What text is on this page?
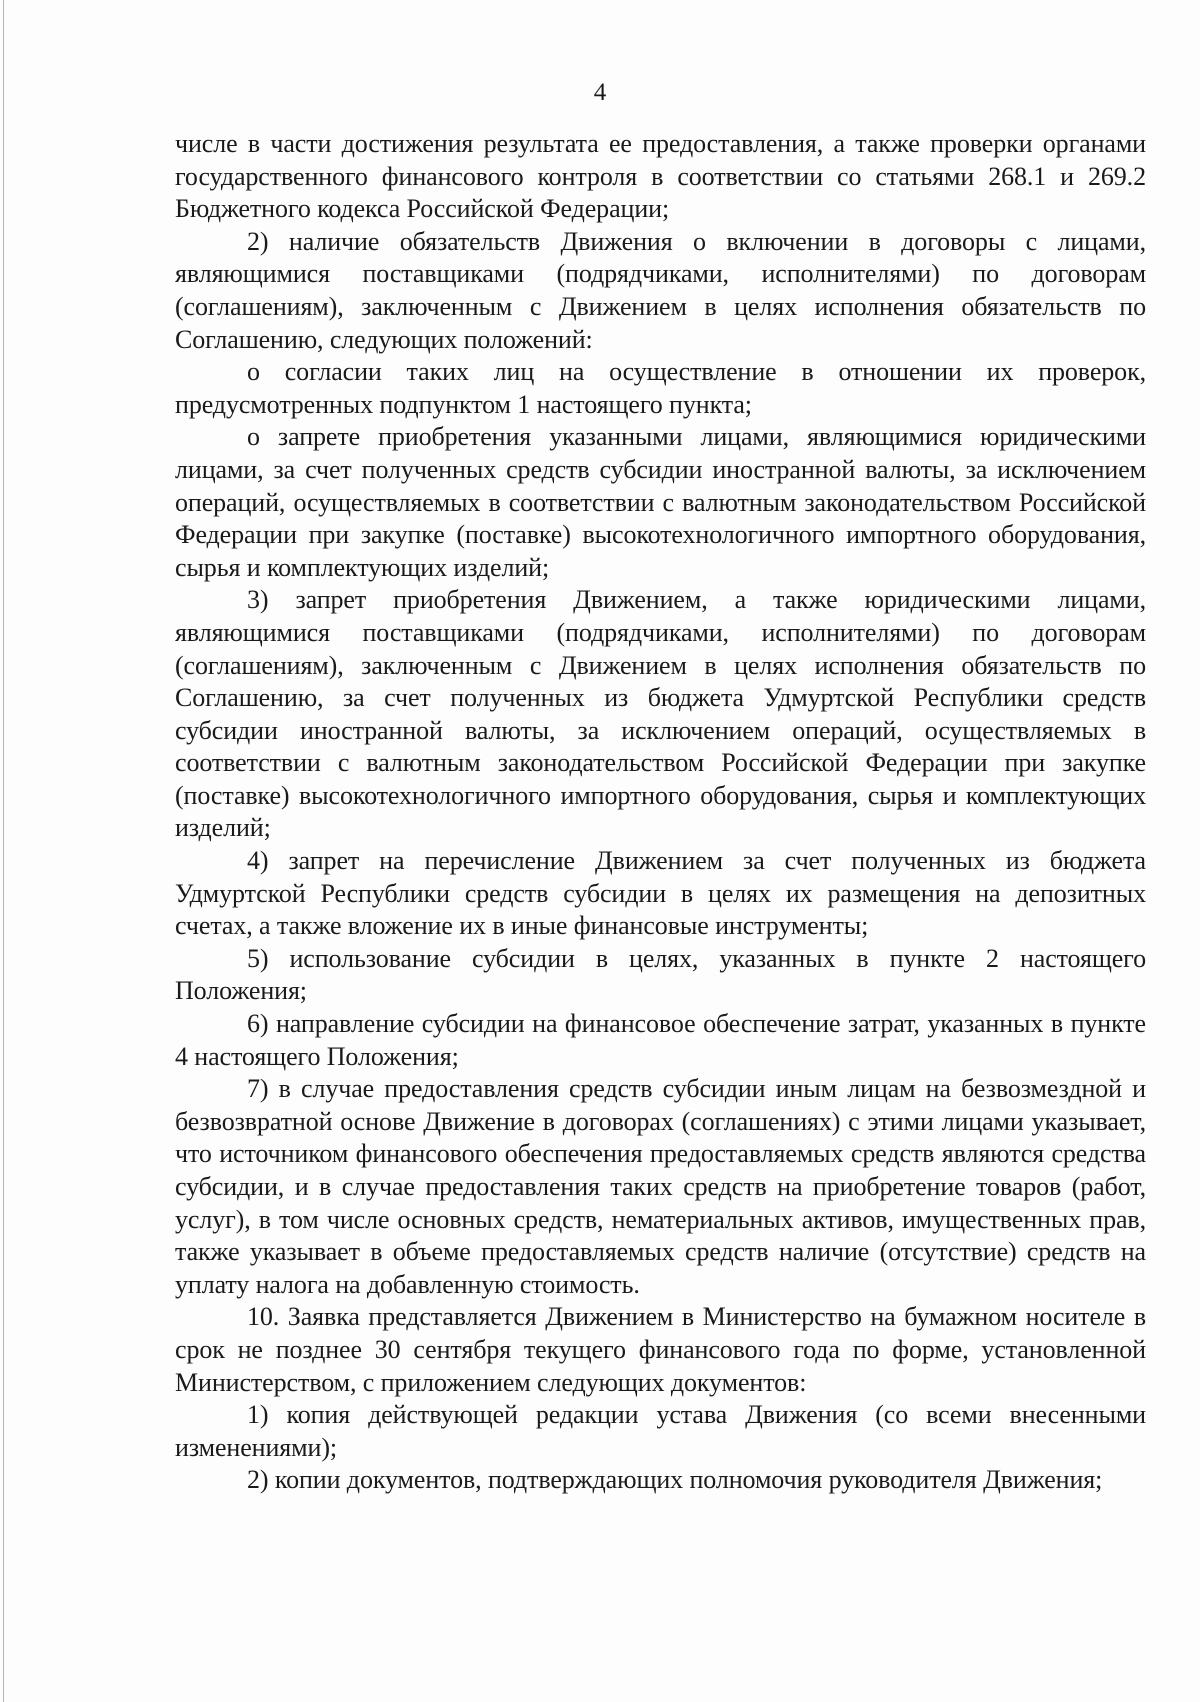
4

числе в части достижения результата ее предоставления, а также проверки органами государственного финансового контроля в соответствии со статьями 268.1 и 269.2 Бюджетного кодекса Российской Федерации;

2) наличие обязательств Движения о включении в договоры с лицами, являющимися поставщиками (подрядчиками, исполнителями) по договорам (соглашениям), заключенным с Движением в целях исполнения обязательств по Соглашению, следующих положений:

о согласии таких лиц на осуществление в отношении их проверок, предусмотренных подпунктом 1 настоящего пункта;

о запрете приобретения указанными лицами, являющимися юридическими лицами, за счет полученных средств субсидии иностранной валюты, за исключением операций, осуществляемых в соответствии с валютным законодательством Российской Федерации при закупке (поставке) высокотехнологичного импортного оборудования, сырья и комплектующих изделий;

3) запрет приобретения Движением, а также юридическими лицами, являющимися поставщиками (подрядчиками, исполнителями) по договорам (соглашениям), заключенным с Движением в целях исполнения обязательств по Соглашению, за счет полученных из бюджета Удмуртской Республики средств субсидии иностранной валюты, за исключением операций, осуществляемых в соответствии с валютным законодательством Российской Федерации при закупке (поставке) высокотехнологичного импортного оборудования, сырья и комплектующих изделий;

4) запрет на перечисление Движением за счет полученных из бюджета Удмуртской Республики средств субсидии в целях их размещения на депозитных счетах, а также вложение их в иные финансовые инструменты;

5) использование субсидии в целях, указанных в пункте 2 настоящего Положения;

6) направление субсидии на финансовое обеспечение затрат, указанных в пункте 4 настоящего Положения;

7) в случае предоставления средств субсидии иным лицам на безвозмездной и безвозвратной основе Движение в договорах (соглашениях) с этими лицами указывает, что источником финансового обеспечения предоставляемых средств являются средства субсидии, и в случае предоставления таких средств на приобретение товаров (работ, услуг), в том числе основных средств, нематериальных активов, имущественных прав, также указывает в объеме предоставляемых средств наличие (отсутствие) средств на уплату налога на добавленную стоимость.

10. Заявка представляется Движением в Министерство на бумажном носителе в срок не позднее 30 сентября текущего финансового года по форме, установленной Министерством, с приложением следующих документов:

1) копия действующей редакции устава Движения (со всеми внесенными изменениями);

2) копии документов, подтверждающих полномочия руководителя Движения;
